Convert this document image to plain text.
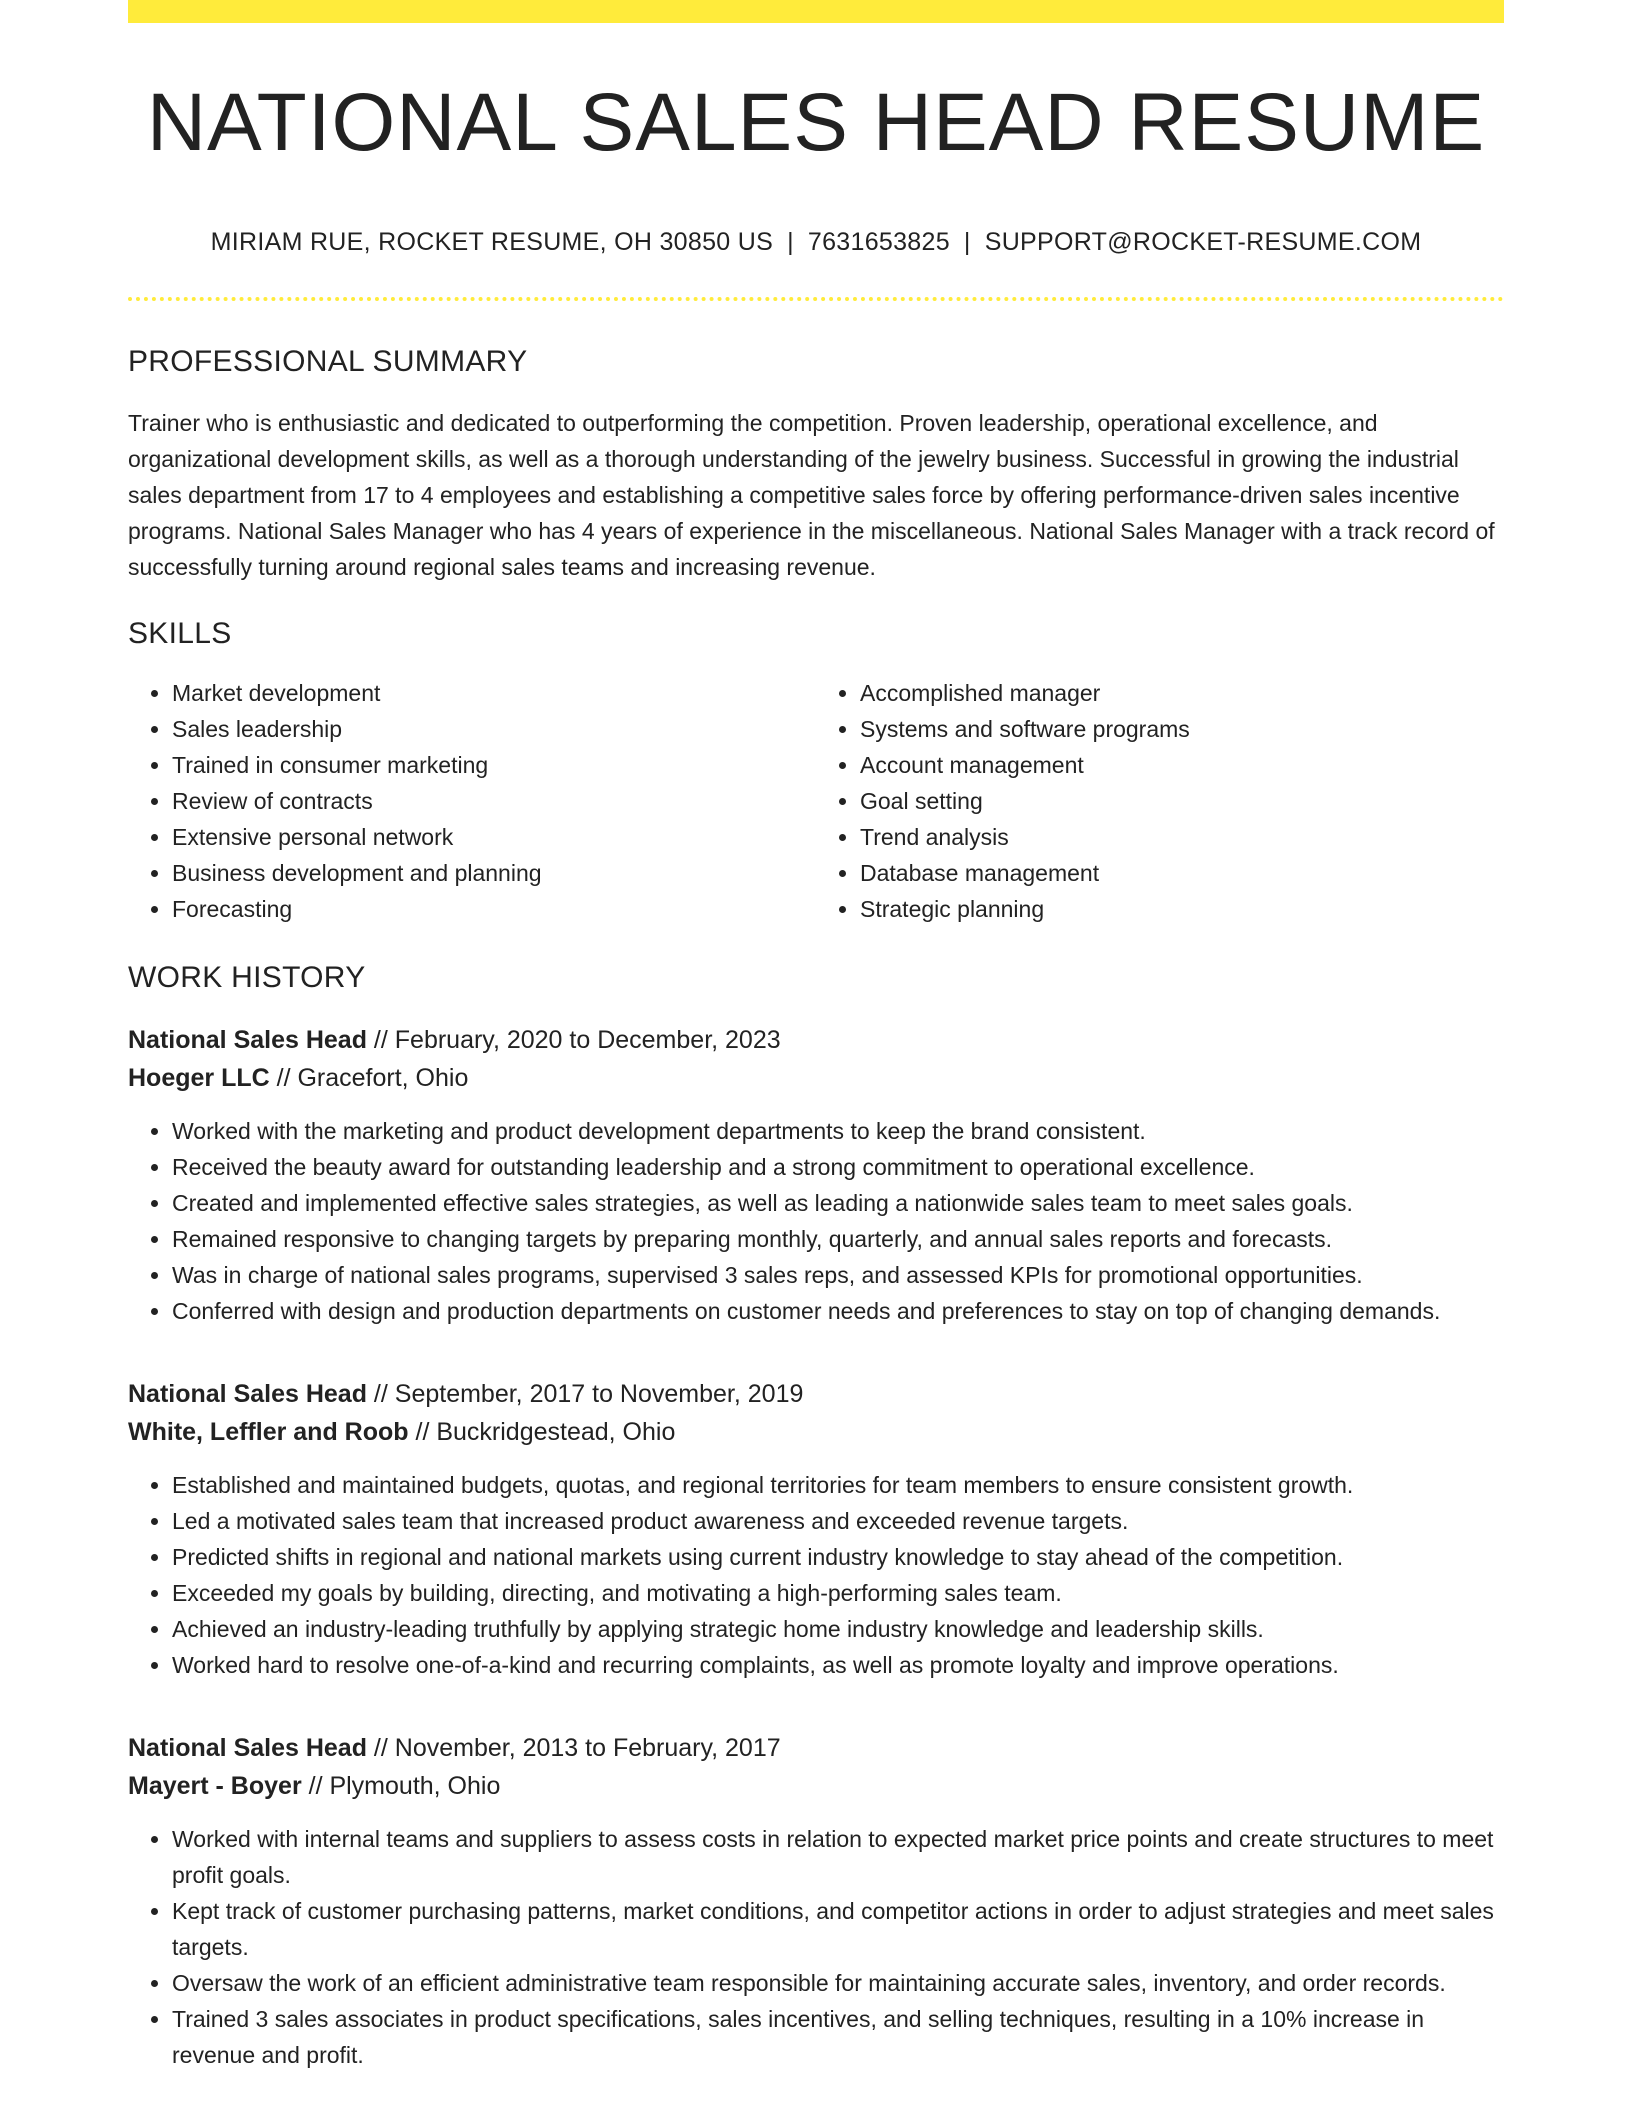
NATIONAL SALES HEAD RESUME
MIRIAM RUE, ROCKET RESUME, OH 30850 US | 7631653825 | SUPPORT@ROCKET-RESUME.COM
PROFESSIONAL SUMMARY

Trainer who is enthusiastic and dedicated to outperforming the competition. Proven leadership, operational excellence, and organizational development skills, as well as a thorough understanding of the jewelry business. Successful in growing the industrial sales department from 17 to 4 employees and establishing a competitive sales force by offering performance-driven sales incentive programs. National Sales Manager who has 4 years of experience in the miscellaneous. National Sales Manager with a track record of successfully turning around regional sales teams and increasing revenue.

SKILLS
• Market development
• Sales leadership
• Trained in consumer marketing
• Review of contracts
• Extensive personal network
• Business development and planning
• Forecasting
• Accomplished manager
• Systems and software programs
• Account management
• Goal setting
• Trend analysis
• Database management
• Strategic planning
WORK HISTORY
National Sales Head // February, 2020 to December, 2023
Hoeger LLC // Gracefort, Ohio
• Worked with the marketing and product development departments to keep the brand consistent.
• Received the beauty award for outstanding leadership and a strong commitment to operational excellence.
• Created and implemented effective sales strategies, as well as leading a nationwide sales team to meet sales goals.
• Remained responsive to changing targets by preparing monthly, quarterly, and annual sales reports and forecasts.
• Was in charge of national sales programs, supervised 3 sales reps, and assessed KPIs for promotional opportunities.
• Conferred with design and production departments on customer needs and preferences to stay on top of changing demands.
National Sales Head // September, 2017 to November, 2019
White, Leffler and Roob // Buckridgestead, Ohio
• Established and maintained budgets, quotas, and regional territories for team members to ensure consistent growth.
• Led a motivated sales team that increased product awareness and exceeded revenue targets.
• Predicted shifts in regional and national markets using current industry knowledge to stay ahead of the competition.
• Exceeded my goals by building, directing, and motivating a high-performing sales team.
• Achieved an industry-leading truthfully by applying strategic home industry knowledge and leadership skills.
• Worked hard to resolve one-of-a-kind and recurring complaints, as well as promote loyalty and improve operations.
National Sales Head // November, 2013 to February, 2017
Mayert - Boyer // Plymouth, Ohio
• Worked with internal teams and suppliers to assess costs in relation to expected market price points and create structures to meet profit goals.
• Kept track of customer purchasing patterns, market conditions, and competitor actions in order to adjust strategies and meet sales targets.
• Oversaw the work of an efficient administrative team responsible for maintaining accurate sales, inventory, and order records.
• Trained 3 sales associates in product specifications, sales incentives, and selling techniques, resulting in a 10% increase in revenue and profit.
